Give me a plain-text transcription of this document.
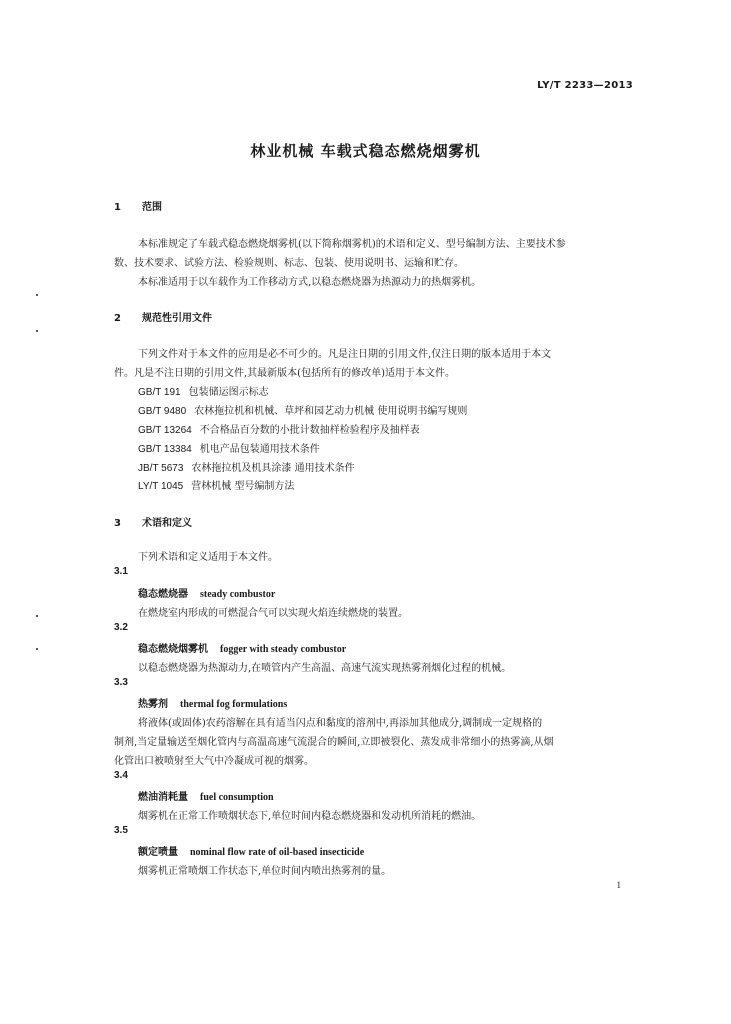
LY/T 2233—2013
林业机械 车载式稳态燃烧烟雾机
1 范围
本标准规定了车载式稳态燃烧烟雾机(以下简称烟雾机)的术语和定义、型号编制方法、主要技术参
数、技术要求、试验方法、检验规则、标志、包装、使用说明书、运输和贮存。
本标准适用于以车载作为工作移动方式,以稳态燃烧器为热源动力的热烟雾机。
2 规范性引用文件
下列文件对于本文件的应用是必不可少的。凡是注日期的引用文件,仅注日期的版本适用于本文
件。凡是不注日期的引用文件,其最新版本(包括所有的修改单)适用于本文件。
GB/T 191 包装储运图示标志
GB/T 9480 农林拖拉机和机械、草坪和园艺动力机械 使用说明书编写规则
GB/T 13264 不合格品百分数的小批计数抽样检验程序及抽样表
GB/T 13384 机电产品包装通用技术条件
JB/T 5673 农林拖拉机及机具涂漆 通用技术条件
LY/T 1045 营林机械 型号编制方法
3 术语和定义
下列术语和定义适用于本文件。
3.1
稳态燃烧器 steady combustor
在燃烧室内形成的可燃混合气可以实现火焰连续燃烧的装置。
3.2
稳态燃烧烟雾机 fogger with steady combustor
以稳态燃烧器为热源动力,在喷管内产生高温、高速气流实现热雾剂烟化过程的机械。
3.3
热雾剂 thermal fog formulations
将液体(或固体)农药溶解在具有适当闪点和黏度的溶剂中,再添加其他成分,调制成一定规格的
制剂,当定量输送至烟化管内与高温高速气流混合的瞬间,立即被裂化、蒸发成非常细小的热雾滴,从烟
化管出口被喷射至大气中冷凝成可视的烟雾。
3.4
燃油消耗量 fuel consumption
烟雾机在正常工作喷烟状态下,单位时间内稳态燃烧器和发动机所消耗的燃油。
3.5
额定喷量 nominal flow rate of oil-based insecticide
烟雾机正常喷烟工作状态下,单位时间内喷出热雾剂的量。
1
